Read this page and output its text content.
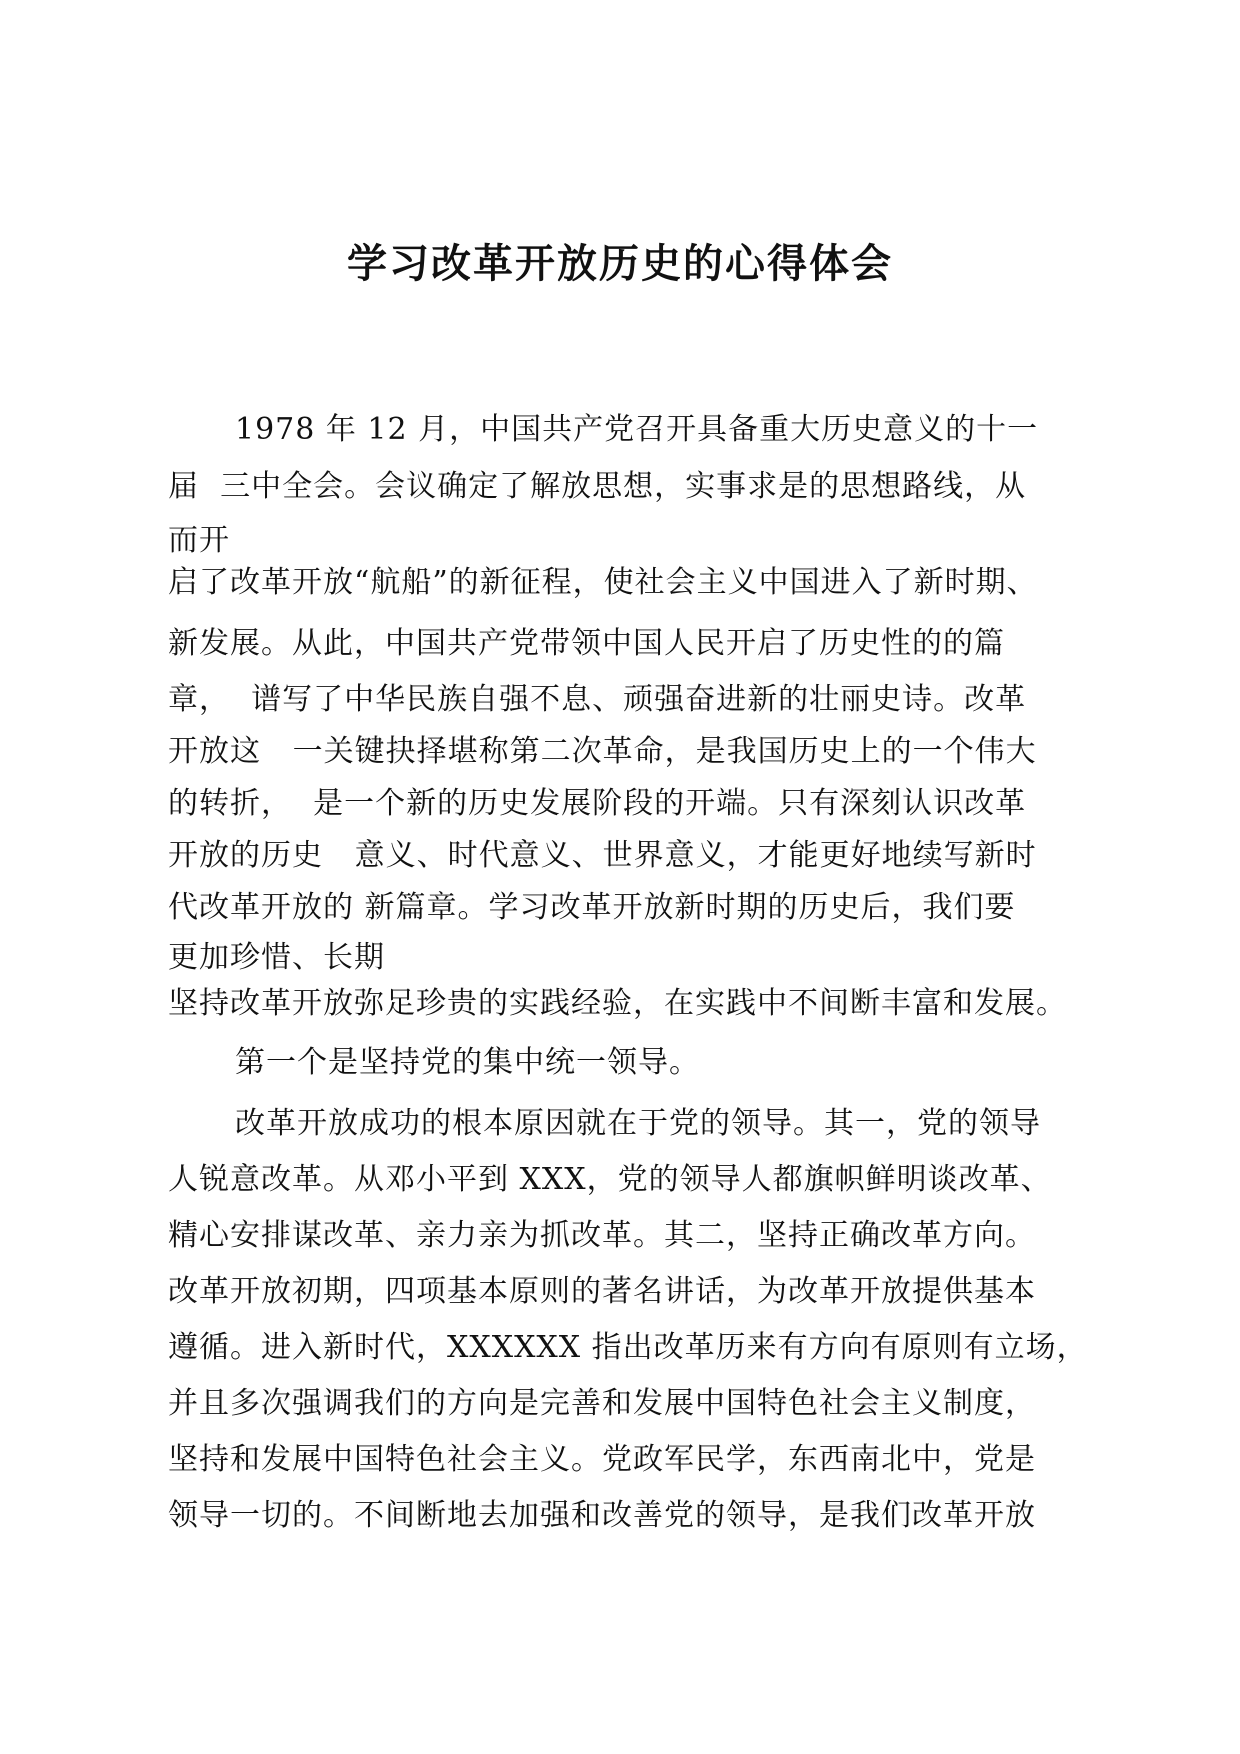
学习改革开放历史的心得体会

1978 年 12 月，中国共产党召开具备重大历史意义的十一

届  三中全会。会议确定了解放思想，实事求是的思想路线，从

而开

启了改革开放“航船”的新征程，使社会主义中国进入了新时期、

新发展。从此，中国共产党带领中国人民开启了历史性的的篇

章，  谱写了中华民族自强不息、顽强奋进新的壮丽史诗。改革

开放这   一关键抉择堪称第二次革命，是我国历史上的一个伟大

的转折，  是一个新的历史发展阶段的开端。只有深刻认识改革

开放的历史   意义、时代意义、世界意义，才能更好地续写新时

代改革开放的 新篇章。学习改革开放新时期的历史后，我们要

更加珍惜、长期

坚持改革开放弥足珍贵的实践经验，在实践中不间断丰富和发展。

第一个是坚持党的集中统一领导。

改革开放成功的根本原因就在于党的领导。其一，党的领导

人锐意改革。从邓小平到 XXX，党的领导人都旗帜鲜明谈改革、

精心安排谋改革、亲力亲为抓改革。其二，坚持正确改革方向。

改革开放初期，四项基本原则的著名讲话，为改革开放提供基本

遵循。进入新时代，XXXXXX 指出改革历来有方向有原则有立场，

并且多次强调我们的方向是完善和发展中国特色社会主义制度，

坚持和发展中国特色社会主义。党政军民学，东西南北中，党是

领导一切的。不间断地去加强和改善党的领导，是我们改革开放
